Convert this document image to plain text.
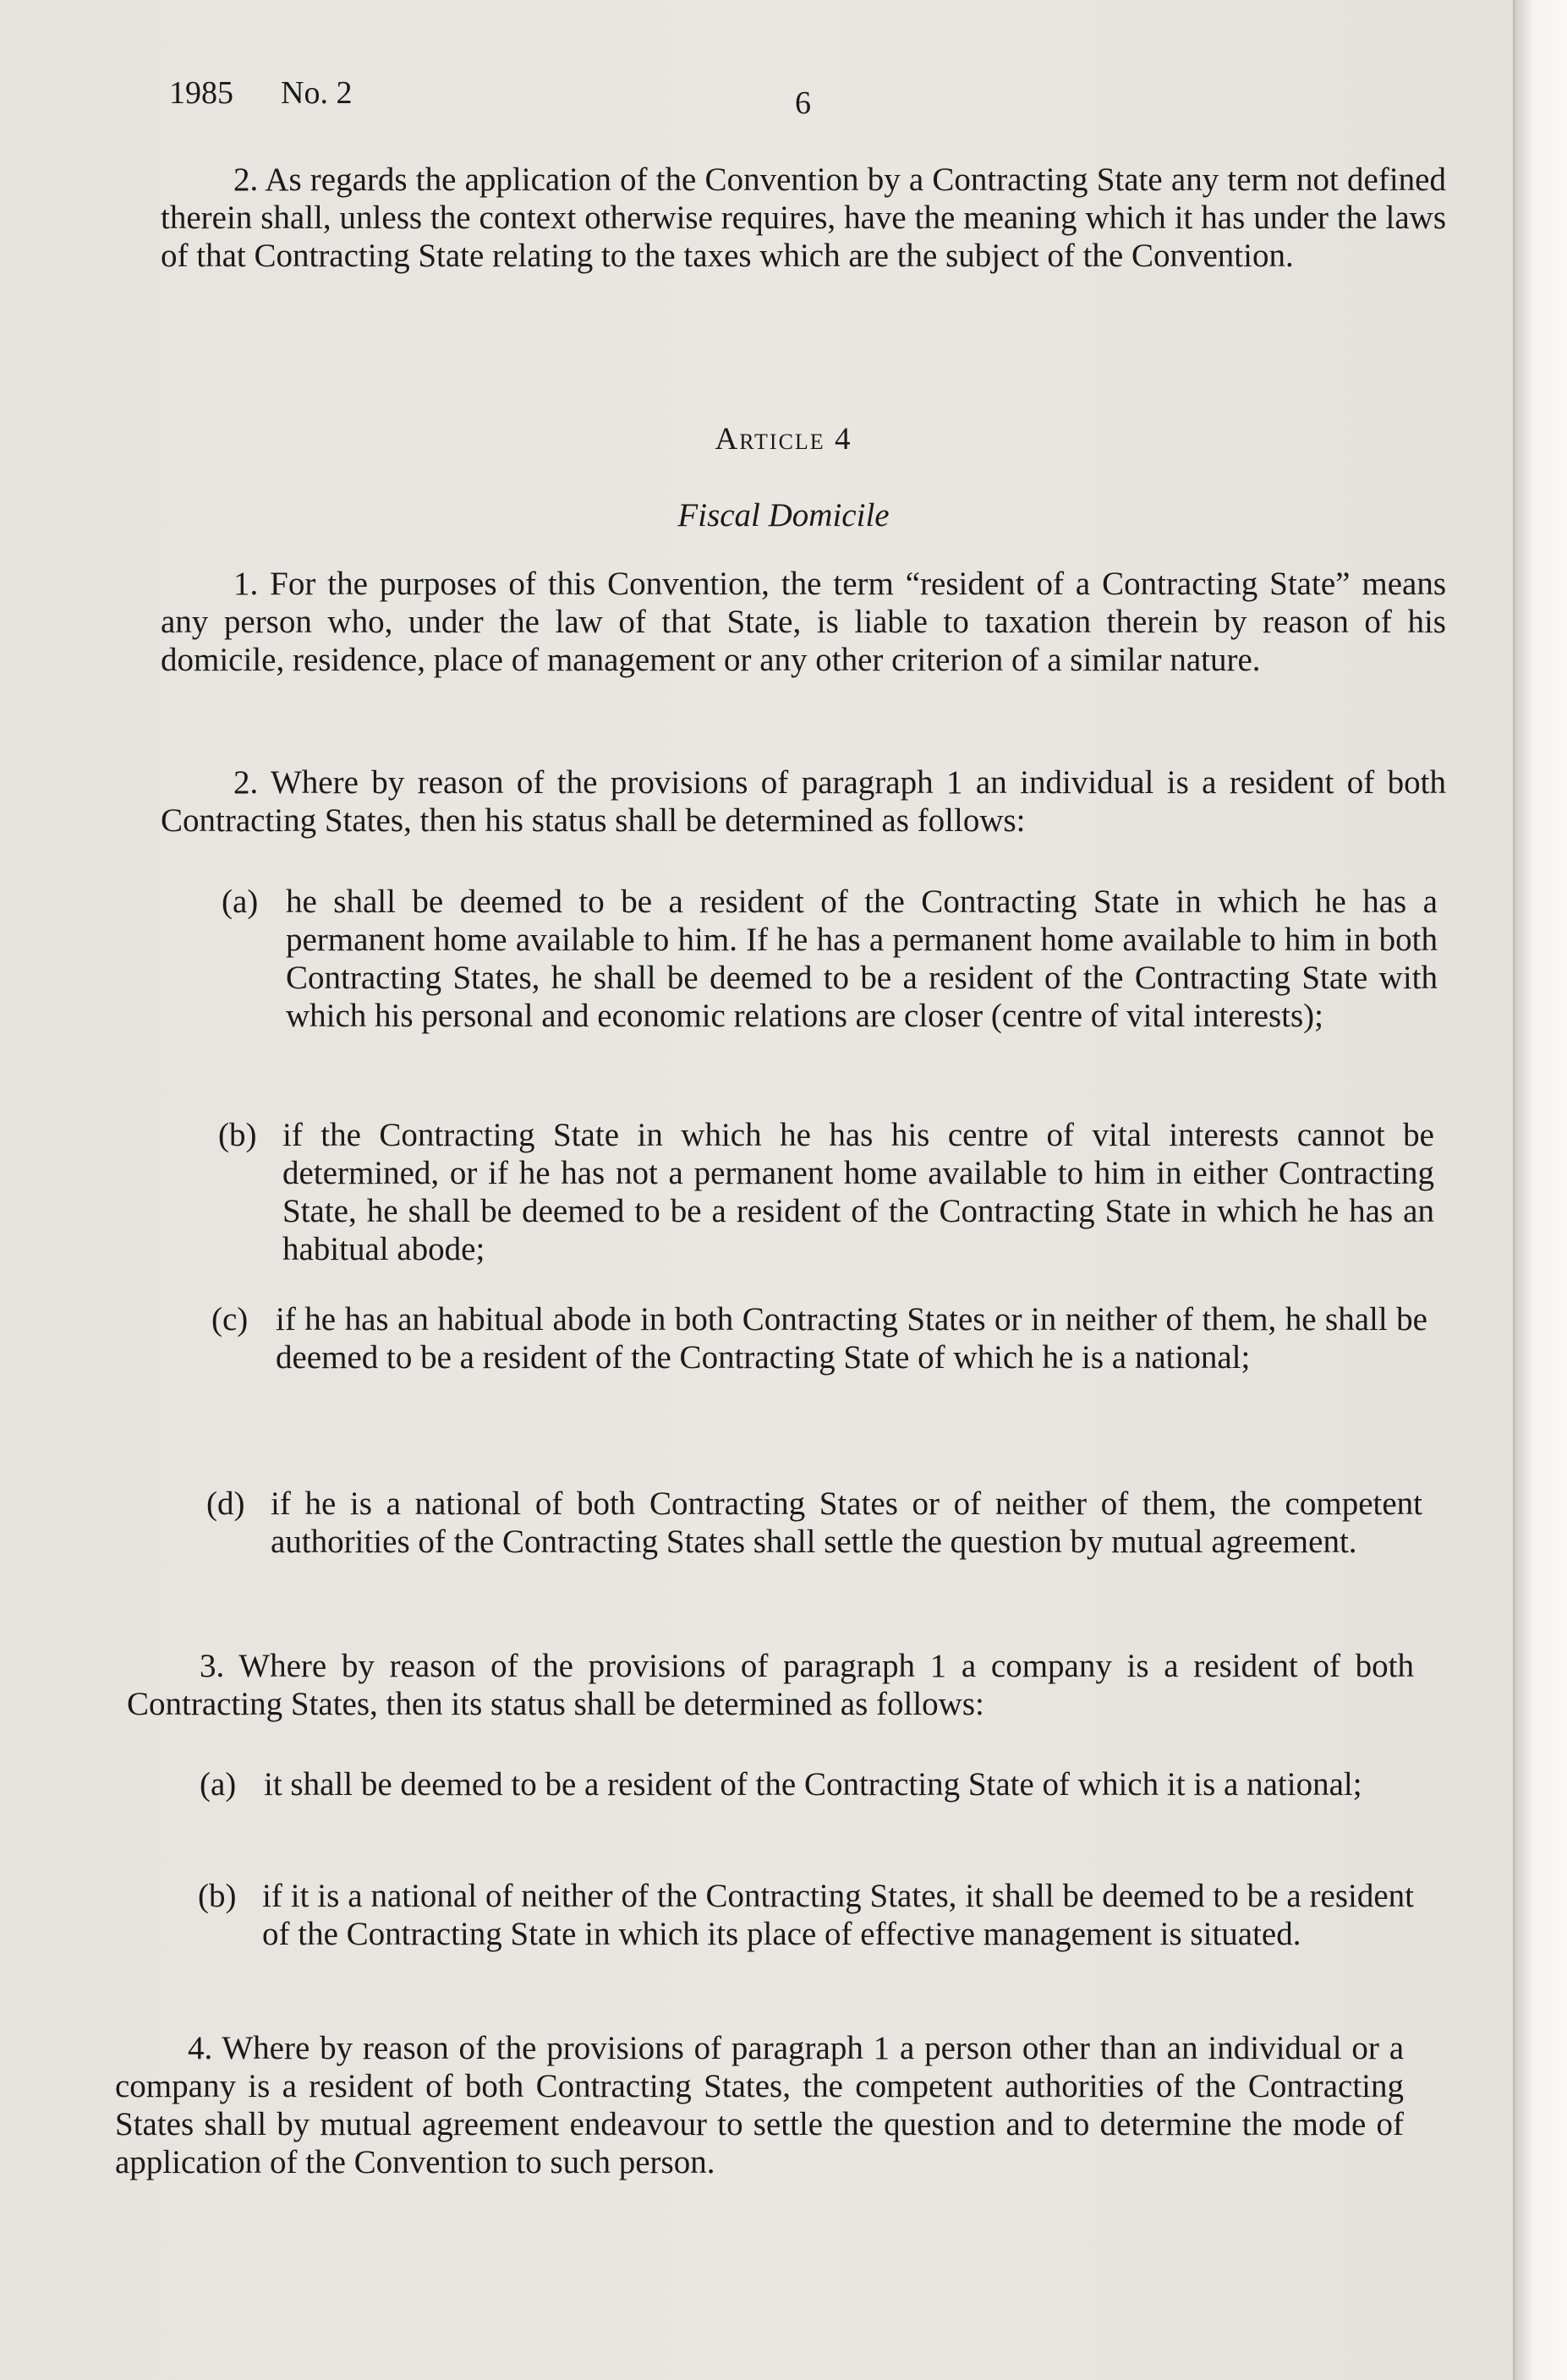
1985 No. 2	6

2. As regards the application of the Convention by a Contracting State any term not defined therein shall, unless the context otherwise requires, have the meaning which it has under the laws of that Contracting State relating to the taxes which are the subject of the Convention.

Article 4
Fiscal Domicile

1. For the purposes of this Convention, the term “resident of a Contracting State” means any person who, under the law of that State, is liable to taxation therein by reason of his domicile, residence, place of management or any other criterion of a similar nature.

2. Where by reason of the provisions of paragraph 1 an individual is a resident of both Contracting States, then his status shall be determined as follows:

(a) he shall be deemed to be a resident of the Contracting State in which he has a permanent home available to him. If he has a permanent home available to him in both Contracting States, he shall be deemed to be a resident of the Contracting State with which his personal and economic relations are closer (centre of vital interests);
(b) if the Contracting State in which he has his centre of vital interests cannot be determined, or if he has not a permanent home available to him in either Contracting State, he shall be deemed to be a resident of the Contracting State in which he has an habitual abode;
(c) if he has an habitual abode in both Contracting States or in neither of them, he shall be deemed to be a resident of the Contracting State of which he is a national;
(d) if he is a national of both Contracting States or of neither of them, the competent authorities of the Contracting States shall settle the question by mutual agreement.

3. Where by reason of the provisions of paragraph 1 a company is a resident of both Contracting States, then its status shall be determined as follows:

(a) it shall be deemed to be a resident of the Contracting State of which it is a national;
(b) if it is a national of neither of the Contracting States, it shall be deemed to be a resident of the Contracting State in which its place of effective management is situated.

4. Where by reason of the provisions of paragraph 1 a person other than an individual or a company is a resident of both Contracting States, the competent authorities of the Contracting States shall by mutual agreement endeavour to settle the question and to determine the mode of application of the Convention to such person.
